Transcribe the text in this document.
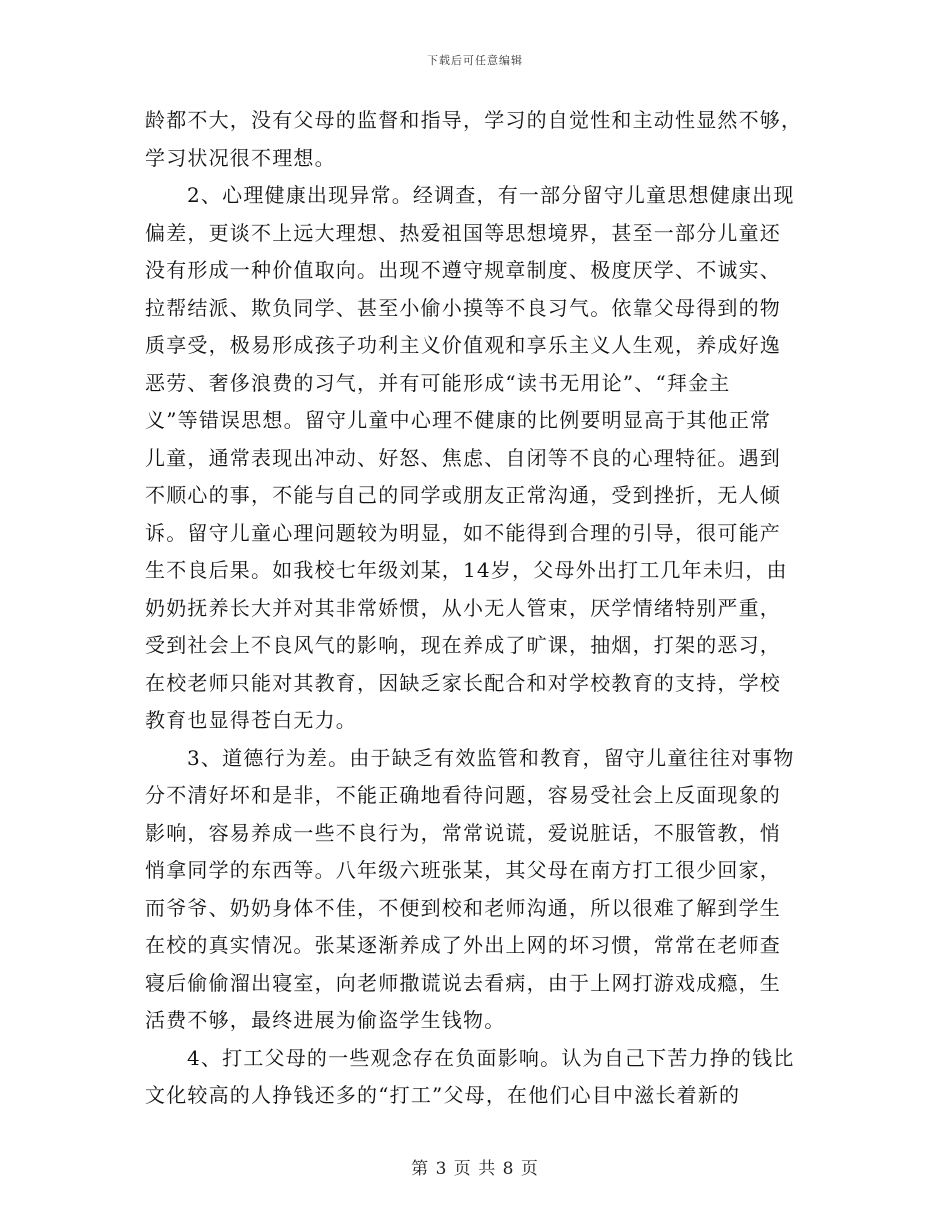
下载后可任意编辑
龄都不大，没有父母的监督和指导，学习的自觉性和主动性显然不够，
学习状况很不理想。
2、心理健康出现异常。经调查，有一部分留守儿童思想健康出现
偏差，更谈不上远大理想、热爱祖国等思想境界，甚至一部分儿童还
没有形成一种价值取向。出现不遵守规章制度、极度厌学、不诚实、
拉帮结派、欺负同学、甚至小偷小摸等不良习气。依靠父母得到的物
质享受，极易形成孩子功利主义价值观和享乐主义人生观，养成好逸
恶劳、奢侈浪费的习气，并有可能形成“读书无用论”、“拜金主
义”等错误思想。留守儿童中心理不健康的比例要明显高于其他正常
儿童，通常表现出冲动、好怒、焦虑、自闭等不良的心理特征。遇到
不顺心的事，不能与自己的同学或朋友正常沟通，受到挫折，无人倾
诉。留守儿童心理问题较为明显，如不能得到合理的引导，很可能产
生不良后果。如我校七年级刘某，14岁，父母外出打工几年未归，由
奶奶抚养长大并对其非常娇惯，从小无人管束，厌学情绪特别严重，
受到社会上不良风气的影响，现在养成了旷课，抽烟，打架的恶习，
在校老师只能对其教育，因缺乏家长配合和对学校教育的支持，学校
教育也显得苍白无力。
3、道德行为差。由于缺乏有效监管和教育，留守儿童往往对事物
分不清好坏和是非，不能正确地看待问题，容易受社会上反面现象的
影响，容易养成一些不良行为，常常说谎，爱说脏话，不服管教，悄
悄拿同学的东西等。八年级六班张某，其父母在南方打工很少回家，
而爷爷、奶奶身体不佳，不便到校和老师沟通，所以很难了解到学生
在校的真实情况。张某逐渐养成了外出上网的坏习惯，常常在老师查
寝后偷偷溜出寝室，向老师撒谎说去看病，由于上网打游戏成瘾，生
活费不够，最终进展为偷盗学生钱物。
4、打工父母的一些观念存在负面影响。认为自己下苦力挣的钱比
文化较高的人挣钱还多的“打工”父母，在他们心目中滋长着新的
第 3 页 共 8 页
